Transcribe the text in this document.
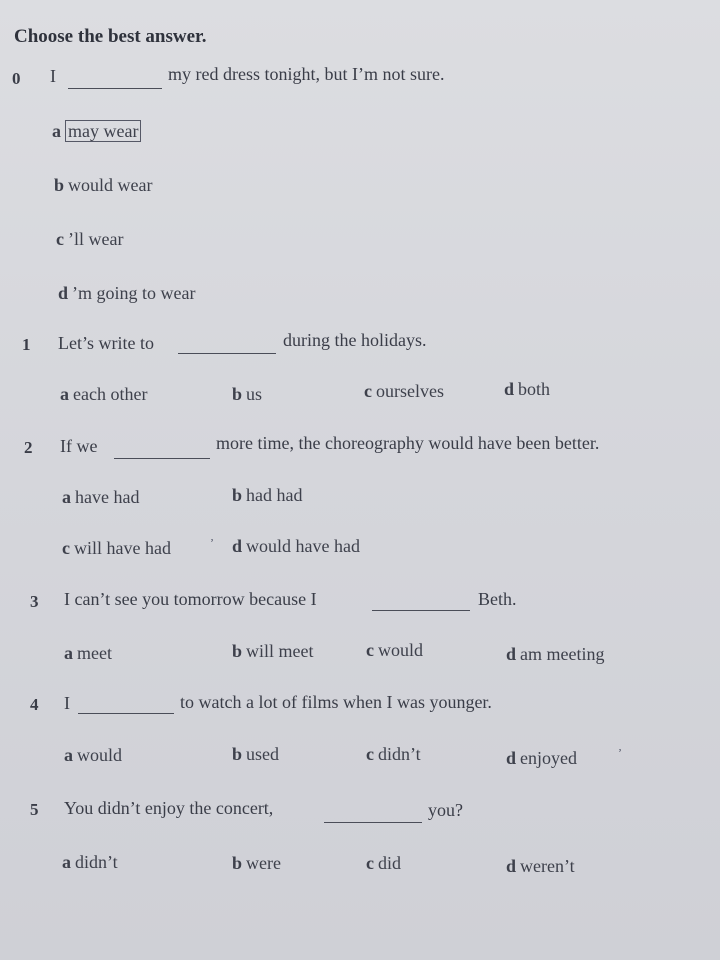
Choose the best answer.
0 I	my red dress tonight, but I’m not sure.
a may wear
b would wear
c ’ll wear
d ’m going to wear
1 Let’s write to	during the holidays.
a each other	b us	c ourselves	d both
2 If we	more time, the choreography would have been better.
a have had	b had had
c will have had	ʼ d would have had
3 I can’t see you tomorrow because I	Beth.
a meet	b will meet	c would	d am meeting
4 I	to watch a lot of films when I was younger.
a would	b used	c didn’t	d enjoyed	ʼ
5 You didn’t enjoy the concert,	you?
a didn’t	b were	c did	d weren’t
